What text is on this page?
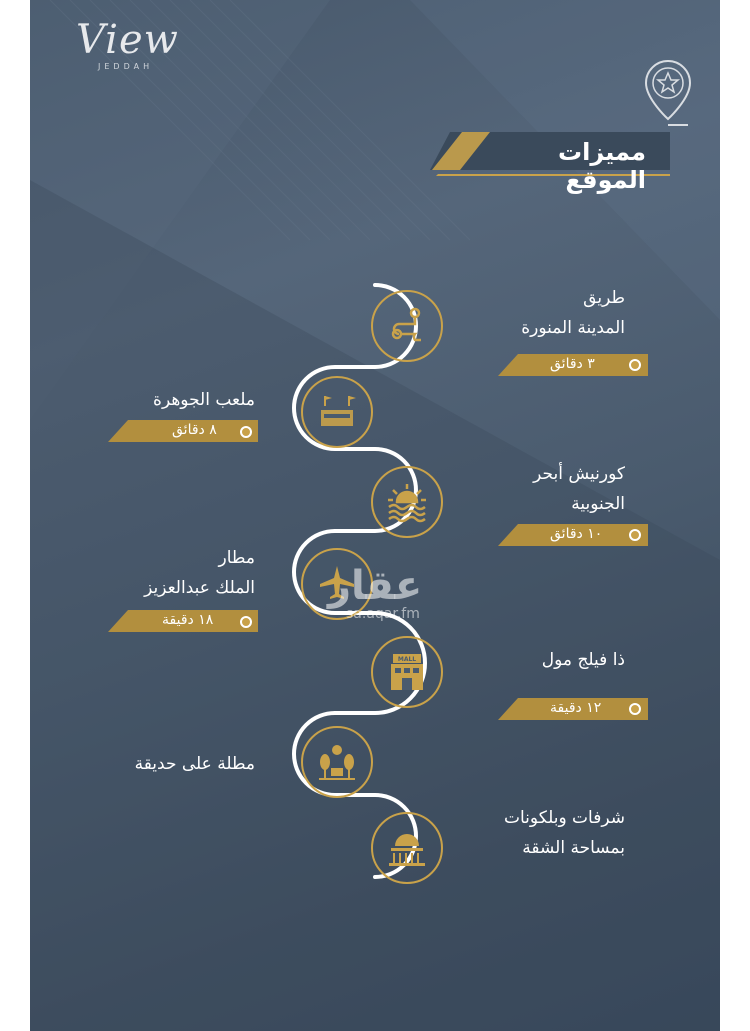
View
JEDDAH
مميزات الموقع
طريق
المدينة المنورة
٣ دقائق
ملعب الجوهرة
٨ دقائق
كورنيش أبحر
الجنوبية
١٠ دقائق
مطار
الملك عبدالعزيز
١٨ دقيقة
MALL	ذا فيلج مول
١٢ دقيقة
مطلة على حديقة
شرفات وبلكونات
بمساحة الشقة
عقار
sa.aqar.fm
